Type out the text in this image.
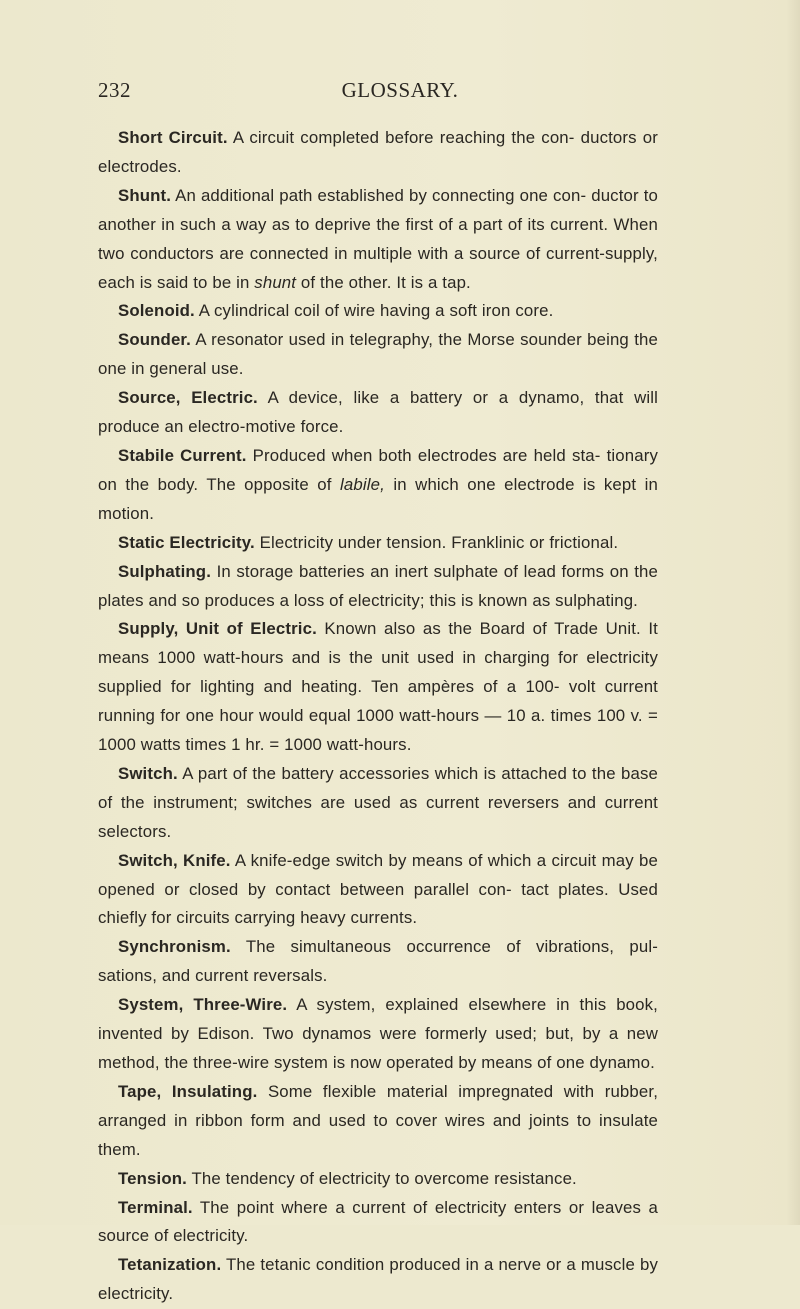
232	GLOSSARY.

Short Circuit. A circuit completed before reaching the con- ductors or electrodes.

Shunt. An additional path established by connecting one con- ductor to another in such a way as to deprive the first of a part of its current. When two conductors are connected in multiple with a source of current-supply, each is said to be in shunt of the other. It is a tap.

Solenoid. A cylindrical coil of wire having a soft iron core.

Sounder. A resonator used in telegraphy, the Morse sounder being the one in general use.

Source, Electric. A device, like a battery or a dynamo, that will produce an electro-motive force.

Stabile Current. Produced when both electrodes are held sta- tionary on the body. The opposite of labile, in which one electrode is kept in motion.

Static Electricity. Electricity under tension. Franklinic or frictional.

Sulphating. In storage batteries an inert sulphate of lead forms on the plates and so produces a loss of electricity; this is known as sulphating.

Supply, Unit of Electric. Known also as the Board of Trade Unit. It means 1000 watt-hours and is the unit used in charging for electricity supplied for lighting and heating. Ten ampères of a 100- volt current running for one hour would equal 1000 watt-hours — 10 a. times 100 v. = 1000 watts times 1 hr. = 1000 watt-hours.

Switch. A part of the battery accessories which is attached to the base of the instrument; switches are used as current reversers and current selectors.

Switch, Knife. A knife-edge switch by means of which a circuit may be opened or closed by contact between parallel con- tact plates. Used chiefly for circuits carrying heavy currents.

Synchronism. The simultaneous occurrence of vibrations, pul- sations, and current reversals.

System, Three-Wire. A system, explained elsewhere in this book, invented by Edison. Two dynamos were formerly used; but, by a new method, the three-wire system is now operated by means of one dynamo.

Tape, Insulating. Some flexible material impregnated with rubber, arranged in ribbon form and used to cover wires and joints to insulate them.

Tension. The tendency of electricity to overcome resistance.

Terminal. The point where a current of electricity enters or leaves a source of electricity.

Tetanization. The tetanic condition produced in a nerve or a muscle by electricity.
